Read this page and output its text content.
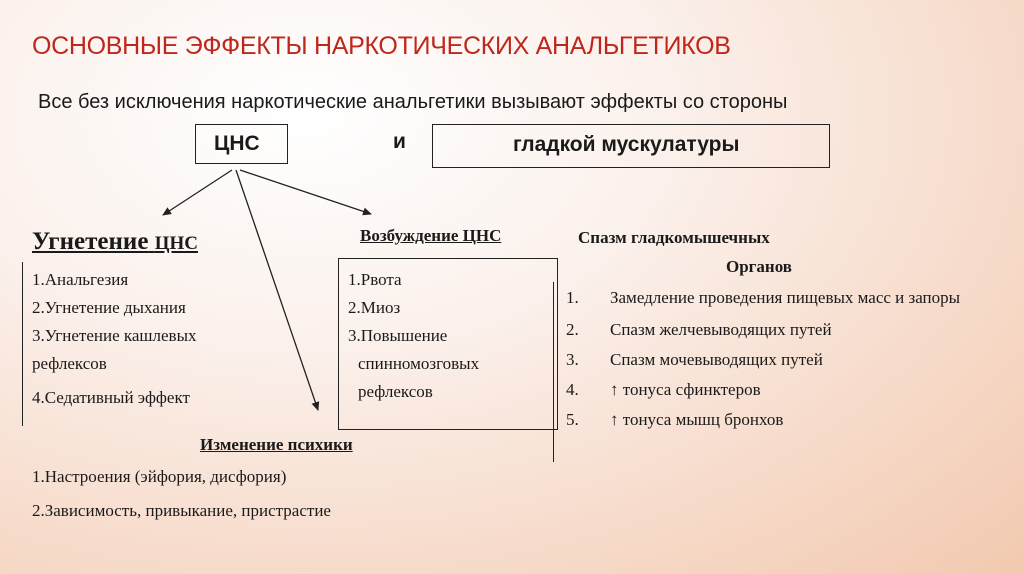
ОСНОВНЫЕ ЭФФЕКТЫ НАРКОТИЧЕСКИХ АНАЛЬГЕТИКОВ
Все без исключения наркотические анальгетики вызывают эффекты со стороны
ЦНС	и	гладкой мускулатуры
Угнетение ЦНС
1.Анальгезия
2.Угнетение дыхания
3.Угнетение кашлевых рефлексов
4.Седативный эффект
Возбуждение ЦНС
1.Рвота
2.Миоз
3.Повышение
спинномозговых
рефлексов
Спазм гладкомышечных
Органов
1.	Замедление проведения пищевых масс и запоры
2.	Спазм желчевыводящих путей
3.	Спазм мочевыводящих путей
4.	↑ тонуса сфинктеров
5.	↑ тонуса мышц бронхов
Изменение психики
1.Настроения (эйфория, дисфория)
2.Зависимость, привыкание, пристрастие
